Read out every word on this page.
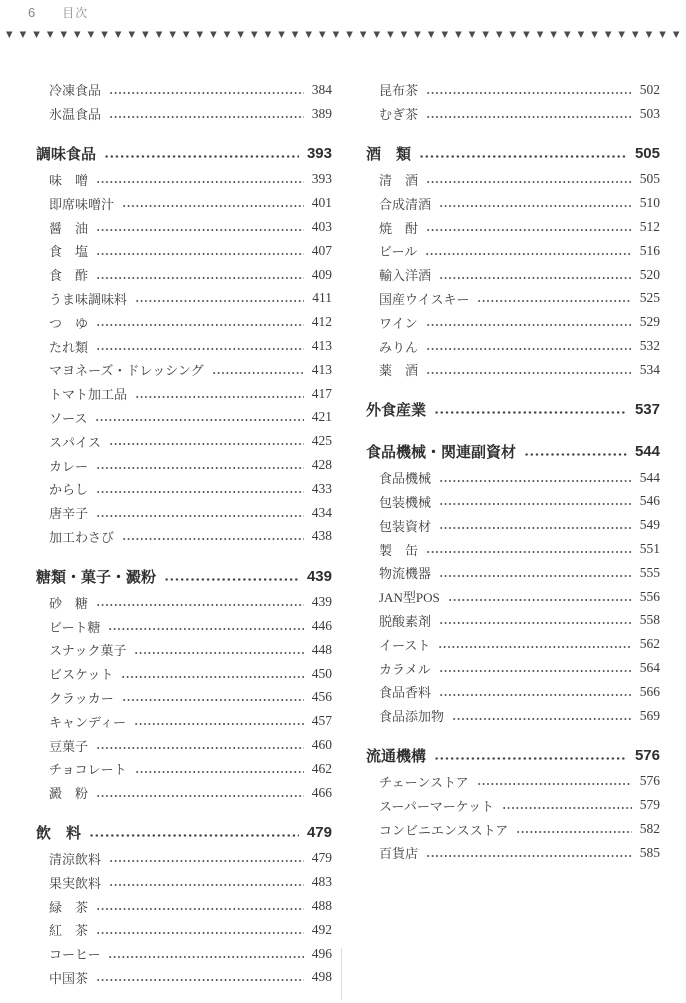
6 目次
▼ ▼ ▼ ▼ ▼ ▼ ▼ ▼ ▼ ▼ ▼ ▼ ▼ ▼ ▼ ▼ ▼ ▼ ▼ ▼ ▼ ▼ ▼ ▼ ▼ ▼ ▼ ▼ ▼ ▼ ▼ ▼ ▼ ▼ ▼ ▼ ▼ ▼ ▼ ▼ ▼ ▼ ▼ ▼ ▼ ▼ ▼ ▼ ▼ ▼
冷凍食品	384
氷温食品	389
調味食品	393
味　噌	393
即席味噌汁	401
醤　油	403
食　塩	407
食　酢	409
うま味調味料	411
つ　ゆ	412
たれ類	413
マヨネーズ・ドレッシング	413
トマト加工品	417
ソース	421
スパイス	425
カレー	428
からし	433
唐辛子	434
加工わさび	438
糖類・菓子・澱粉	439
砂　糖	439
ビート糖	446
スナック菓子	448
ビスケット	450
クラッカー	456
キャンディー	457
豆菓子	460
チョコレート	462
澱　粉	466
飲　料	479
清涼飲料	479
果実飲料	483
緑　茶	488
紅　茶	492
コーヒー	496
中国茶	498
昆布茶	502
むぎ茶	503
酒　類	505
清　酒	505
合成清酒	510
焼　酎	512
ビール	516
輸入洋酒	520
国産ウイスキー	525
ワイン	529
みりん	532
薬　酒	534
外食産業	537
食品機械・関連副資材	544
食品機械	544
包装機械	546
包装資材	549
製　缶	551
物流機器	555
JAN型POS	556
脱酸素剤	558
イースト	562
カラメル	564
食品香料	566
食品添加物	569
流通機構	576
チェーンストア	576
スーパーマーケット	579
コンビニエンスストア	582
百貨店	585
